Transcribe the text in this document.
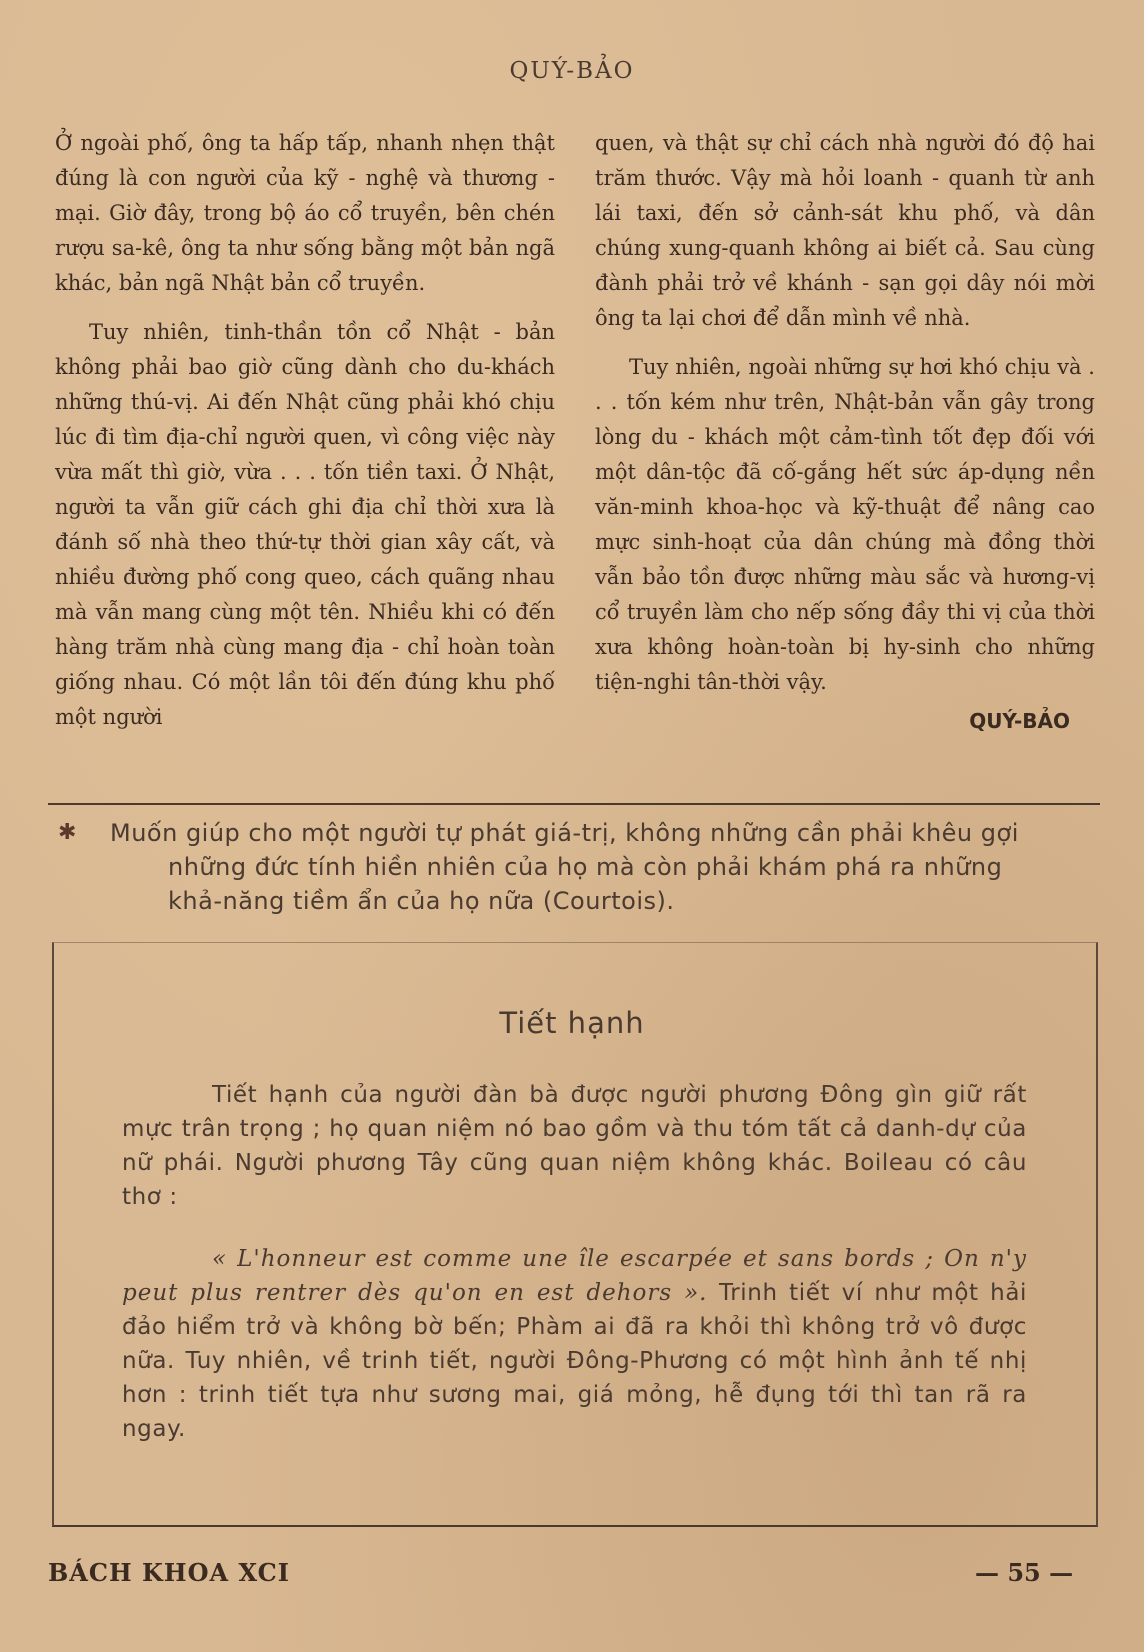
QUÝ-BẢO

Ở ngoài phố, ông ta hấp tấp, nhanh nhẹn thật đúng là con người của kỹ - nghệ và thương - mại. Giờ đây, trong bộ áo cổ truyền, bên chén rượu sa-kê, ông ta như sống bằng một bản ngã khác, bản ngã Nhật bản cổ truyền.

Tuy nhiên, tinh-thần tồn cổ Nhật - bản không phải bao giờ cũng dành cho du-khách những thú-vị. Ai đến Nhật cũng phải khó chịu lúc đi tìm địa-chỉ người quen, vì công việc này vừa mất thì giờ, vừa . . . tốn tiền taxi. Ở Nhật, người ta vẫn giữ cách ghi địa chỉ thời xưa là đánh số nhà theo thứ-tự thời gian xây cất, và nhiều đường phố cong queo, cách quãng nhau mà vẫn mang cùng một tên. Nhiều khi có đến hàng trăm nhà cùng mang địa - chỉ hoàn toàn giống nhau. Có một lần tôi đến đúng khu phố một người

quen, và thật sự chỉ cách nhà người đó độ hai trăm thước. Vậy mà hỏi loanh - quanh từ anh lái taxi, đến sở cảnh-sát khu phố, và dân chúng xung-quanh không ai biết cả. Sau cùng đành phải trở về khánh - sạn gọi dây nói mời ông ta lại chơi để dẫn mình về nhà.

Tuy nhiên, ngoài những sự hơi khó chịu và . . . tốn kém như trên, Nhật-bản vẫn gây trong lòng du - khách một cảm-tình tốt đẹp đối với một dân-tộc đã cố-gắng hết sức áp-dụng nền văn-minh khoa-học và kỹ-thuật để nâng cao mực sinh-hoạt của dân chúng mà đồng thời vẫn bảo tồn được những màu sắc và hương-vị cổ truyền làm cho nếp sống đầy thi vị của thời xưa không hoàn-toàn bị hy-sinh cho những tiện-nghi tân-thời vậy.

QUÝ-BẢO
✱ Muốn giúp cho một người tự phát giá-trị, không những cần phải khêu gợi
những đức tính hiền nhiên của họ mà còn phải khám phá ra những
khả-năng tiềm ẩn của họ nữa (Courtois).
Tiết hạnh

Tiết hạnh của người đàn bà được người phương Đông gìn giữ rất mực trân trọng ; họ quan niệm nó bao gồm và thu tóm tất cả danh-dự của nữ phái. Người phương Tây cũng quan niệm không khác. Boileau có câu thơ :

« L'honneur est comme une île escarpée et sans bords ; On n'y peut plus rentrer dès qu'on en est dehors ». Trinh tiết ví như một hải đảo hiểm trở và không bờ bến; Phàm ai đã ra khỏi thì không trở vô được nữa. Tuy nhiên, về trinh tiết, người Đông-Phương có một hình ảnh tế nhị hơn : trinh tiết tựa như sương mai, giá mỏng, hễ đụng tới thì tan rã ra ngay.

BÁCH KHOA XCI	— 55 —
